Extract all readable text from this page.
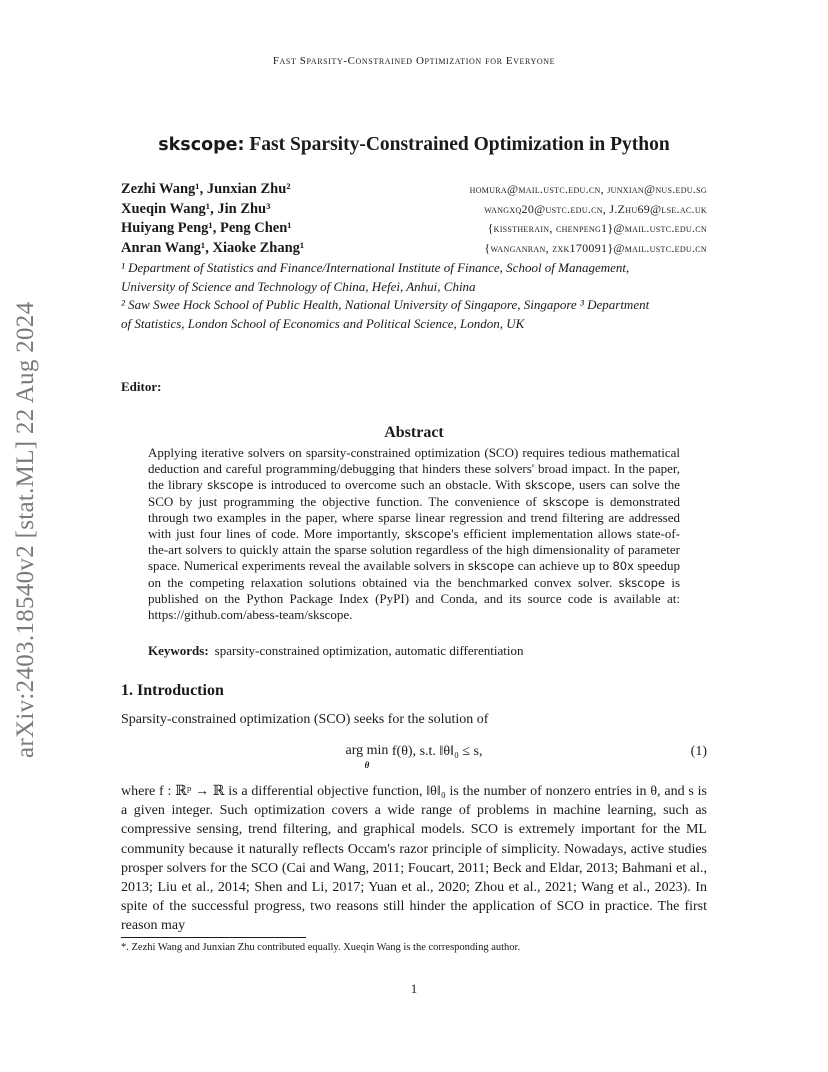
Fast Sparsity-Constrained Optimization for Everyone
arXiv:2403.18540v2 [stat.ML] 22 Aug 2024
skscope: Fast Sparsity-Constrained Optimization in Python
Zezhi Wang¹, Junxian Zhu²	homura@mail.ustc.edu.cn, junxian@nus.edu.sg
Xueqin Wang¹, Jin Zhu³	wangxq20@ustc.edu.cn, J.Zhu69@lse.ac.uk
Huiyang Peng¹, Peng Chen¹	{kisstherain, chenpeng1}@mail.ustc.edu.cn
Anran Wang¹, Xiaoke Zhang¹	{wanganran, zxk170091}@mail.ustc.edu.cn
¹ Department of Statistics and Finance/International Institute of Finance, School of Management,
University of Science and Technology of China, Hefei, Anhui, China
² Saw Swee Hock School of Public Health, National University of Singapore, Singapore ³ Department
of Statistics, London School of Economics and Political Science, London, UK
Editor:
Abstract

Applying iterative solvers on sparsity-constrained optimization (SCO) requires tedious mathematical deduction and careful programming/debugging that hinders these solvers' broad impact. In the paper, the library skscope is introduced to overcome such an obstacle. With skscope, users can solve the SCO by just programming the objective function. The convenience of skscope is demonstrated through two examples in the paper, where sparse linear regression and trend filtering are addressed with just four lines of code. More importantly, skscope's efficient implementation allows state-of-the-art solvers to quickly attain the sparse solution regardless of the high dimensionality of parameter space. Numerical experiments reveal the available solvers in skscope can achieve up to 80x speedup on the competing relaxation solutions obtained via the benchmarked convex solver. skscope is published on the Python Package Index (PyPI) and Conda, and its source code is available at: https://github.com/abess-team/skscope.

Keywords: sparsity-constrained optimization, automatic differentiation
1. Introduction
Sparsity-constrained optimization (SCO) seeks for the solution of
arg min
θ
f(θ), s.t. ‖θ‖₀ ≤ s,	(1)

where f : ℝᵖ → ℝ is a differential objective function, ‖θ‖₀ is the number of nonzero entries in θ, and s is a given integer. Such optimization covers a wide range of problems in machine learning, such as compressive sensing, trend filtering, and graphical models. SCO is extremely important for the ML community because it naturally reflects Occam's razor principle of simplicity. Nowadays, active studies prosper solvers for the SCO (Cai and Wang, 2011; Foucart, 2011; Beck and Eldar, 2013; Bahmani et al., 2013; Liu et al., 2014; Shen and Li, 2017; Yuan et al., 2020; Zhou et al., 2021; Wang et al., 2023). In spite of the successful progress, two reasons still hinder the application of SCO in practice. The first reason may

*. Zezhi Wang and Junxian Zhu contributed equally. Xueqin Wang is the corresponding author.
1
